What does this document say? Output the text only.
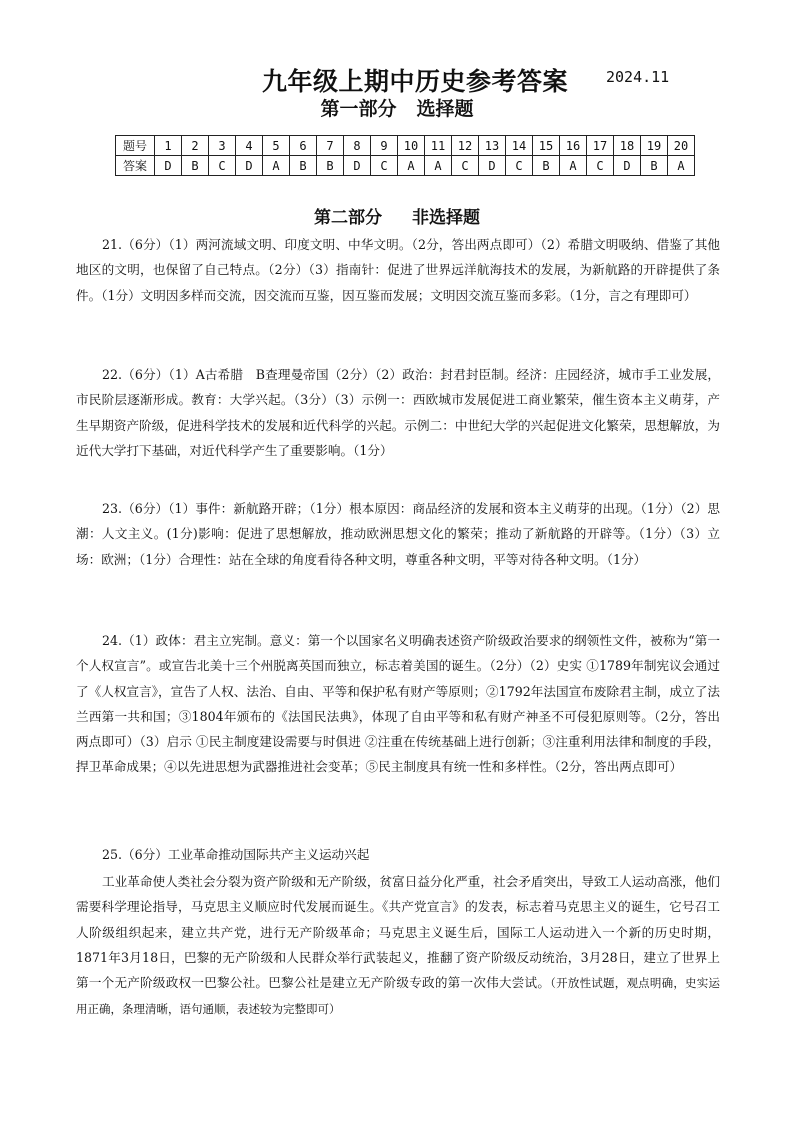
九年级上期中历史参考答案	2024.11
第一部分 选择题
题号	1	2	3	4	5	6	7	8	9	10	11	12	13	14	15	16	17	18	19	20
答案	D	B	C	D	A	B	B	D	C	A	A	C	D	C	B	A	C	D	B	A
第二部分 非选择题
21.（6分）（1）两河流域文明、印度文明、中华文明。（2分，答出两点即可）（2）希腊文明吸纳、借鉴了其他地区的文明，也保留了自己特点。（2分）（3）指南针：促进了世界远洋航海技术的发展，为新航路的开辟提供了条件。（1分）文明因多样而交流，因交流而互鉴，因互鉴而发展；文明因交流互鉴而多彩。（1分，言之有理即可）
22.（6分）（1）A古希腊　B查理曼帝国（2分）（2）政治：封君封臣制。经济：庄园经济，城市手工业发展，市民阶层逐渐形成。教育：大学兴起。（3分）（3）示例一：西欧城市发展促进工商业繁荣，催生资本主义萌芽，产生早期资产阶级，促进科学技术的发展和近代科学的兴起。示例二：中世纪大学的兴起促进文化繁荣，思想解放，为近代大学打下基础，对近代科学产生了重要影响。（1分）
23.（6分）（1）事件：新航路开辟；（1分）根本原因：商品经济的发展和资本主义萌芽的出现。（1分）（2）思潮：人文主义。(1分)影响：促进了思想解放，推动欧洲思想文化的繁荣；推动了新航路的开辟等。（1分）（3）立场：欧洲；（1分）合理性：站在全球的角度看待各种文明，尊重各种文明，平等对待各种文明。（1分）
24.（1）政体：君主立宪制。意义：第一个以国家名义明确表述资产阶级政治要求的纲领性文件，被称为“第一个人权宣言”。或宣告北美十三个州脱离英国而独立，标志着美国的诞生。（2分）（2）史实 ①1789年制宪议会通过了《人权宣言》，宣告了人权、法治、自由、平等和保护私有财产等原则；②1792年法国宣布废除君主制，成立了法兰西第一共和国；③1804年颁布的《法国民法典》，体现了自由平等和私有财产神圣不可侵犯原则等。（2分，答出两点即可）（3）启示 ①民主制度建设需要与时俱进 ②注重在传统基础上进行创新；③注重利用法律和制度的手段，捍卫革命成果；④以先进思想为武器推进社会变革；⑤民主制度具有统一性和多样性。（2分，答出两点即可）
25.（6分）工业革命推动国际共产主义运动兴起
工业革命使人类社会分裂为资产阶级和无产阶级，贫富日益分化严重，社会矛盾突出，导致工人运动高涨，他们需要科学理论指导，马克思主义顺应时代发展而诞生。《共产党宣言》的发表，标志着马克思主义的诞生，它号召工人阶级组织起来，建立共产党，进行无产阶级革命；马克思主义诞生后，国际工人运动进入一个新的历史时期，1871年3月18日，巴黎的无产阶级和人民群众举行武装起义，推翻了资产阶级反动统治，3月28日，建立了世界上第一个无产阶级政权一巴黎公社。巴黎公社是建立无产阶级专政的第一次伟大尝试。（开放性试题，观点明确，史实运用正确，条理清晰，语句通顺，表述较为完整即可）
